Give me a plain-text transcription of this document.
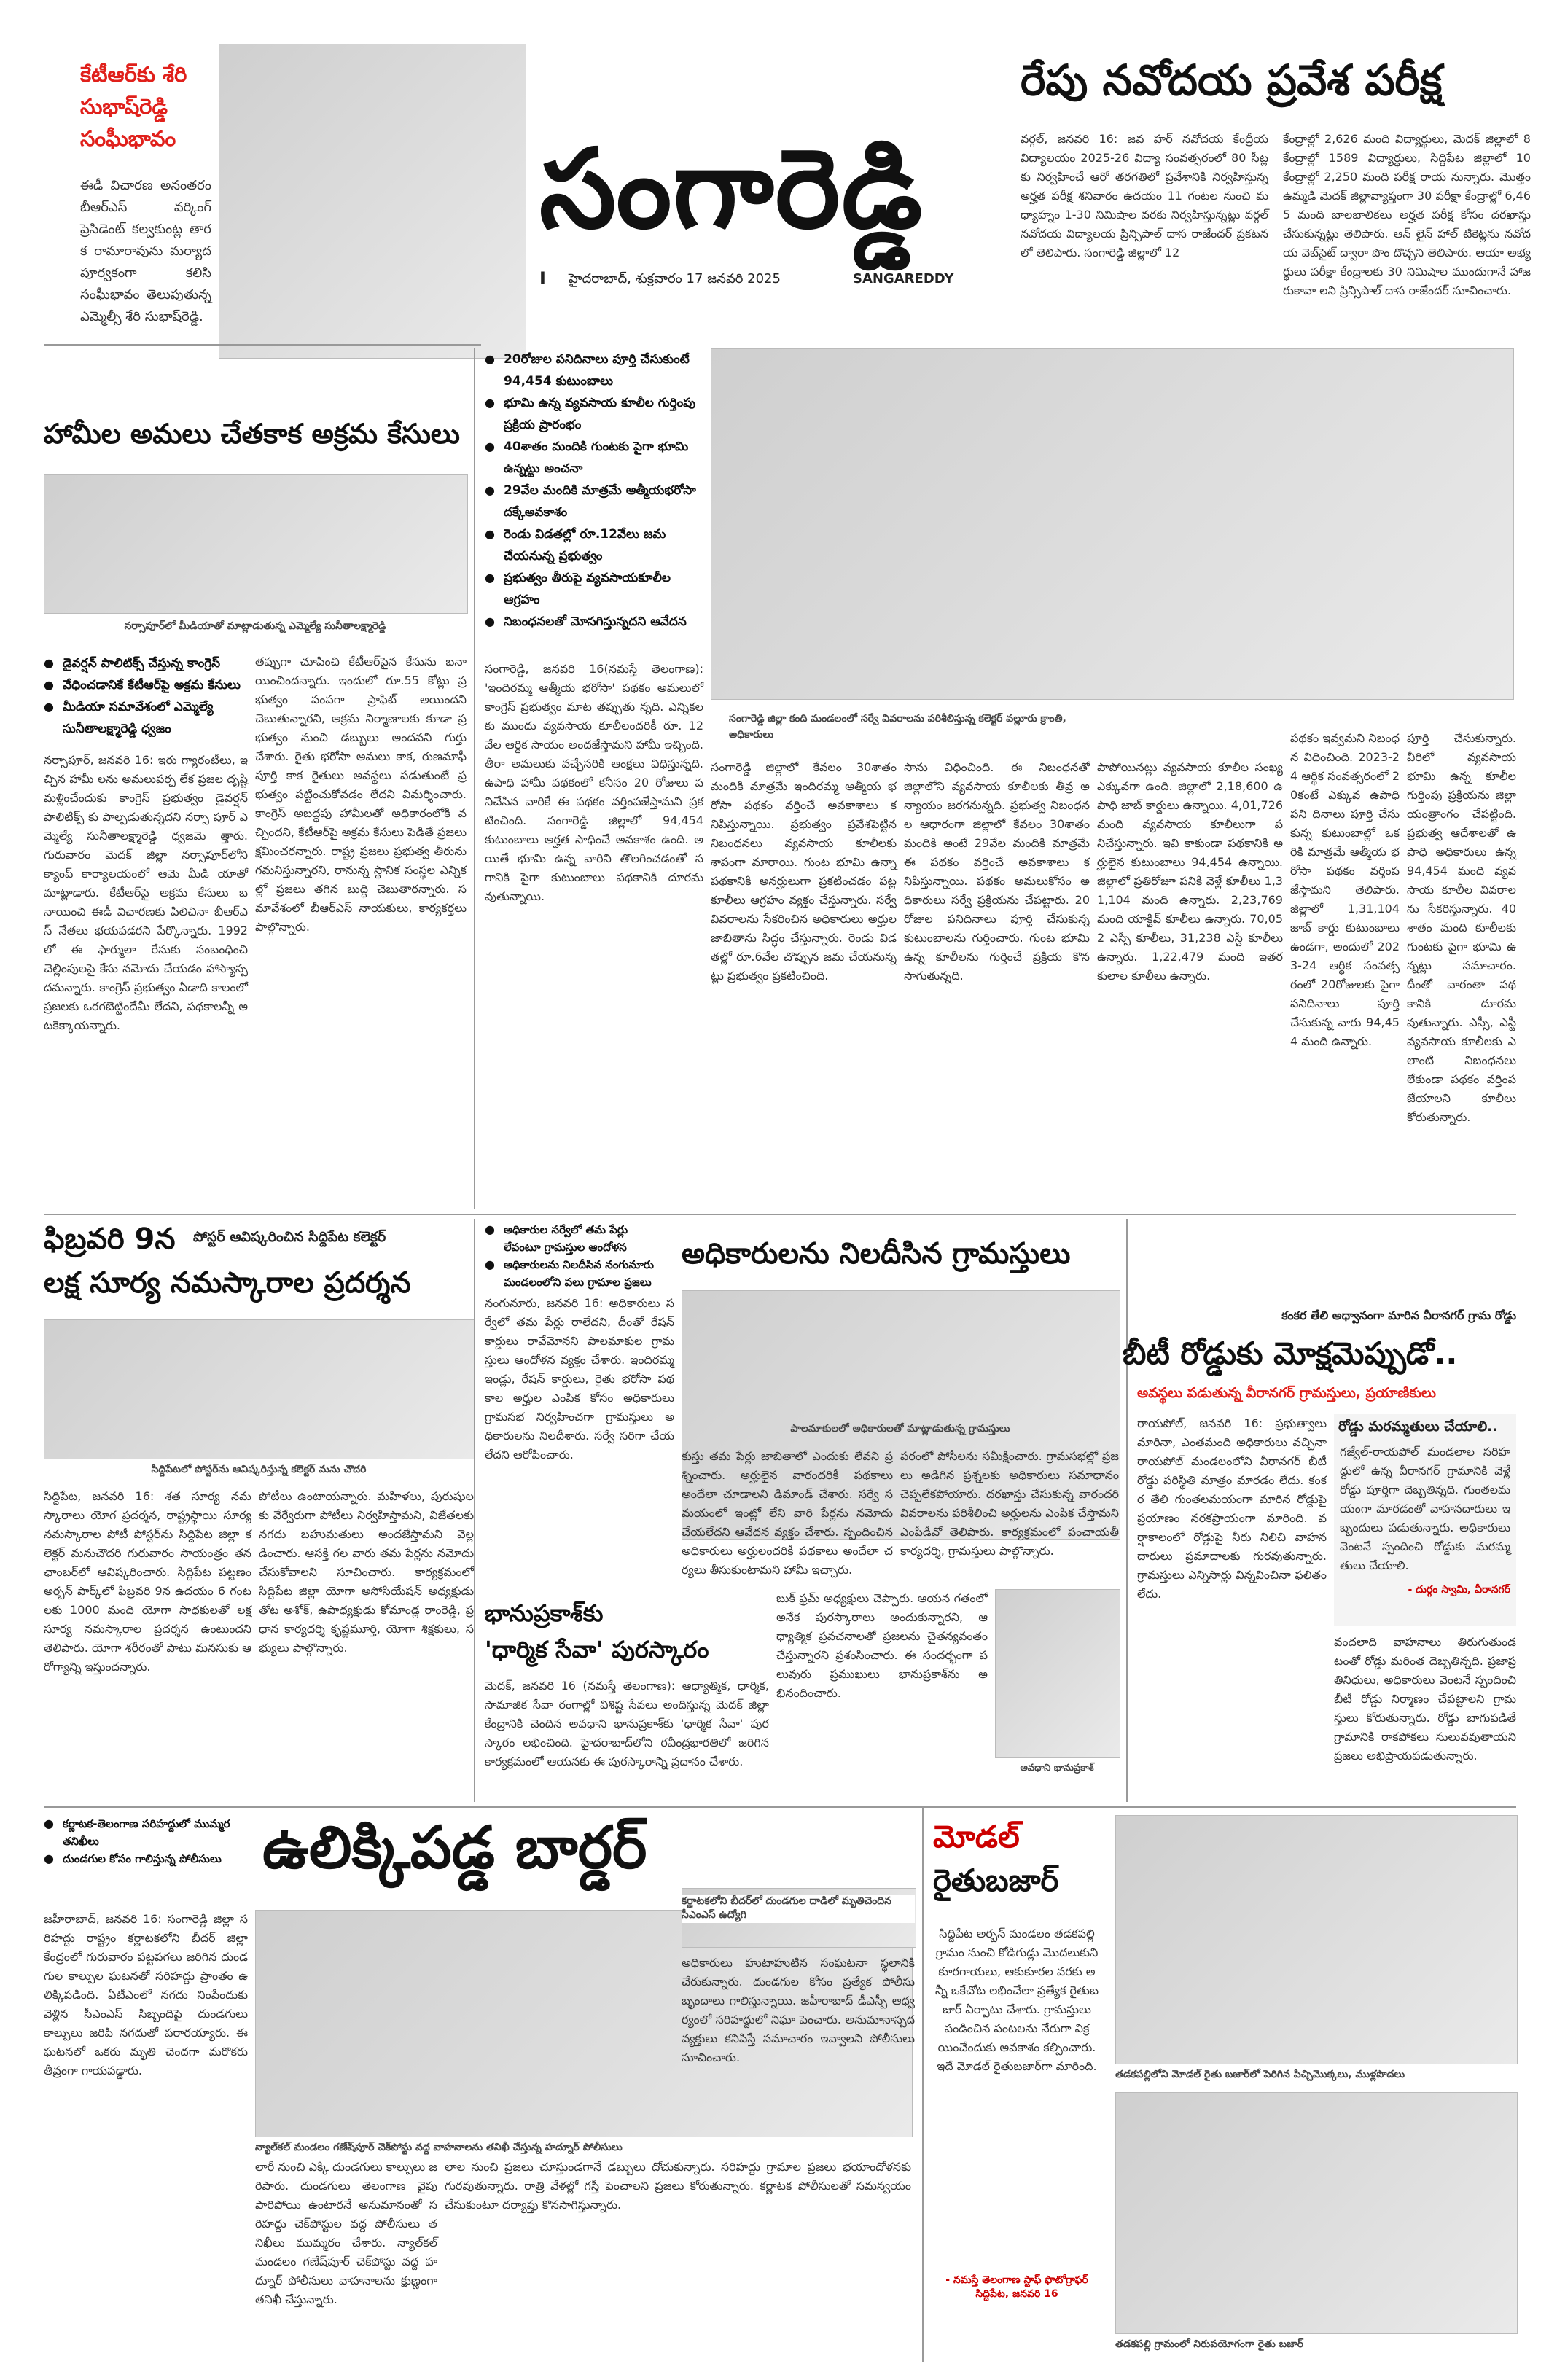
కేటీఆర్‌కు శేరి సుభాష్‌రెడ్డి సంఘీభావం
ఈడీ విచారణ అనంతరం బీఆర్‌ఎస్‌ వర్కింగ్‌ ప్రెసిడెంట్‌ కల్వకుంట్ల తారక రామారావును మర్యాదపూర్వకంగా కలిసి సంఘీభావం తెలుపుతున్న ఎమ్మెల్సీ శేరి సుభాష్‌రెడ్డి.
సంగారెడ్డి
I హైదరాబాద్‌, శుక్రవారం 17 జనవరి 2025	SANGAREDDY
రేపు నవోదయ ప్రవేశ పరీక్ష
వర్గల్‌, జనవరి 16: జవ హర్‌ నవోదయ కేంద్రీయ విద్యాలయం 2025-26 విద్యా సంవత్సరంలో 80 సీట్లకు నిర్వహించే ఆరో తరగతిలో ప్రవేశానికి నిర్వహిస్తున్న అర్హత పరీక్ష శనివారం ఉదయం 11 గంటల నుంచి మధ్యాహ్నం 1-30 నిమిషాల వరకు నిర్వహిస్తున్నట్లు వర్గల్‌ నవోదయ విద్యాలయ ప్రిన్సిపాల్‌ దాస రాజేందర్‌ ప్రకటనలో తెలిపారు. సంగారెడ్డి జిల్లాలో 12
కేంద్రాల్లో 2,626 మంది విద్యార్థులు, మెదక్‌ జిల్లాలో 8 కేంద్రాల్లో 1589 విద్యార్థులు, సిద్దిపేట జిల్లాలో 10 కేంద్రాల్లో 2,250 మంది పరీక్ష రాయ నున్నారు. మొత్తం ఉమ్మడి మెదక్‌ జిల్లావ్యాప్తంగా 30 పరీక్షా కేంద్రాల్లో 6,465 మంది బాలబాలికలు అర్హత పరీక్ష కోసం దరఖాస్తు చేసుకున్నట్లు తెలిపారు. ఆన్‌ లైన్‌ హాల్‌ టికెట్లను నవోదయ వెబ్‌సైట్‌ ద్వారా పొం దొచ్చని తెలిపారు. ఆయా అభ్యర్థులు పరీక్షా కేంద్రాలకు 30 నిమిషాల ముందుగానే హాజరుకావా లని ప్రిన్సిపాల్‌ దాస రాజేందర్‌ సూచించారు.
హామీల అమలు చేతకాక అక్రమ కేసులు
నర్సాపూర్‌లో మీడియాతో మాట్లాడుతున్న ఎమ్మెల్యే సునీతాలక్ష్మారెడ్డి
● డైవర్షన్‌ పాలిటిక్స్‌ చేస్తున్న కాంగ్రెస్‌
● వేధించడానికే కేటీఆర్‌పై అక్రమ కేసులు
● మీడియా సమావేశంలో ఎమ్మెల్యే సునీతాలక్ష్మారెడ్డి ధ్వజం
నర్సాపూర్‌, జనవరి 16: ఇరు గ్యారంటీలు, ఇచ్చిన హామీ లను అమలుపర్చ లేక ప్రజల దృష్టి మళ్లించేందుకు కాంగ్రెస్‌ ప్రభుత్వం డైవర్షన్‌ పాలిటిక్స్‌ కు పాల్పడుతున్నదని నర్సా పూర్‌ ఎమ్మెల్యే సునీతాలక్ష్మారెడ్డి ధ్వజమె త్తారు. గురువారం మెదక్‌ జిల్లా నర్సాపూర్‌లోని క్యాంప్‌ కార్యాలయంలో ఆమె మీడి యాతో మాట్లాడారు. కేటీఆర్‌పై అక్రమ కేసులు బనాయించి ఈడీ విచారణకు పిలిచినా బీఆర్‌ఎస్‌ నేతలు భయపడరని పేర్కొన్నారు. 1992లో ఈ ఫార్ములా రేసుకు సంబంధించి చెల్లింపులపై కేసు నమోదు చేయడం హాస్యాస్పదమన్నారు. కాంగ్రెస్‌ ప్రభుత్వం ఏడాది కాలంలో ప్రజలకు ఒరగబెట్టిందేమీ లేదని, పథకాలన్నీ అటకెక్కాయన్నారు.
తప్పుగా చూపించి కేటీఆర్‌పైన కేసును బనా యించిందన్నారు. ఇందులో రూ.55 కోట్లు ప్రభుత్వం పంపగా ప్రాఫిట్‌ అయిందని చెబుతున్నారని, అక్రమ నిర్మాణాలకు కూడా ప్రభుత్వం నుంచి డబ్బులు అందవని గుర్తు చేశారు. రైతు భరోసా అమలు కాక, రుణమాఫీ పూర్తి కాక రైతులు అవస్థలు పడుతుంటే ప్రభుత్వం పట్టించుకోవడం లేదని విమర్శించారు. కాంగ్రెస్‌ అబద్ధపు హామీలతో అధికారంలోకి వచ్చిందని, కేటీఆర్‌పై అక్రమ కేసులు పెడితే ప్రజలు క్షమించరన్నారు. రాష్ట్ర ప్రజలు ప్రభుత్వ తీరును గమనిస్తున్నారని, రానున్న స్థానిక సంస్థల ఎన్నికల్లో ప్రజలు తగిన బుద్ధి చెబుతారన్నారు. సమావేశంలో బీఆర్‌ఎస్‌ నాయకులు, కార్యకర్తలు పాల్గొన్నారు.
● 20రోజుల పనిదినాలు పూర్తి చేసుకుంటే 94,454 కుటుంబాలు
● భూమి ఉన్న వ్యవసాయ కూలీల గుర్తింపు ప్రక్రియ ప్రారంభం
● 40శాతం మందికి గుంటకు పైగా భూమి ఉన్నట్టు అంచనా
● 29వేల మందికి మాత్రమే ఆత్మీయభరోసా దక్కేఅవకాశం
● రెండు విడతల్లో రూ.12వేలు జమ చేయనున్న ప్రభుత్వం
● ప్రభుత్వం తీరుపై వ్యవసాయకూలీల ఆగ్రహం
● నిబంధనలతో మోసగిస్తున్నదని ఆవేదన
సంగారెడ్డి జిల్లా కంది మండలంలో సర్వే వివరాలను పరిశీలిస్తున్న కలెక్టర్‌ వల్లూరు క్రాంతి, అధికారులు
సంగారెడ్డి, జనవరి 16(నమస్తే తెలంగాణ): 'ఇందిరమ్మ ఆత్మీయ భరోసా' పథకం అమలులో కాంగ్రెస్‌ ప్రభుత్వం మాట తప్పుతు న్నది. ఎన్నికలకు ముందు వ్యవసాయ కూలీలందరికీ రూ. 12వేల ఆర్థిక సాయం అందజేస్తామని హామీ ఇచ్చింది. తీరా అమలుకు వచ్చేసరికి ఆంక్షలు విధిస్తున్నది. ఉపాధి హామీ పథకంలో కనీసం 20 రోజులు పనిచేసిన వారికే ఈ పథకం వర్తింపజేస్తామని ప్రకటించింది. సంగారెడ్డి జిల్లాలో 94,454 కుటుంబాలు అర్హత సాధించే అవకాశం ఉంది. అయితే భూమి ఉన్న వారిని తొలగించడంతో సగానికి పైగా కుటుంబాలు పథకానికి దూరమవుతున్నాయి.
సంగారెడ్డి జిల్లాలో కేవలం 30శాతం మందికి మాత్రమే ఇందిరమ్మ ఆత్మీయ భరోసా పథకం వర్తించే అవకాశాలు కనిపిస్తున్నాయి. ప్రభుత్వం ప్రవేశపెట్టిన నిబంధనలు వ్యవసాయ కూలీలకు శాపంగా మారాయి. గుంట భూమి ఉన్నా పథకానికి అనర్హులుగా ప్రకటించడం పట్ల కూలీలు ఆగ్రహం వ్యక్తం చేస్తున్నారు. సర్వే వివరాలను సేకరించిన అధికారులు అర్హుల జాబితాను సిద్ధం చేస్తున్నారు. రెండు విడతల్లో రూ.6వేల చొప్పున జమ చేయనున్నట్లు ప్రభుత్వం ప్రకటించింది.
సాను విధించింది. ఈ నిబంధనతో జిల్లాలోని వ్యవసాయ కూలీలకు తీవ్ర అన్యాయం జరగనున్నది. ప్రభుత్వ నిబంధనల ఆధారంగా జిల్లాలో కేవలం 30శాతం మందికి అంటే 29వేల మందికి మాత్రమే ఈ పథకం వర్తించే అవకాశాలు కనిపిస్తున్నాయి. పథకం అమలుకోసం అధికారులు సర్వే ప్రక్రియను చేపట్టారు. 20 రోజుల పనిదినాలు పూర్తి చేసుకున్న కుటుంబాలను గుర్తించారు. గుంట భూమి ఉన్న కూలీలను గుర్తించే ప్రక్రియ కొనసాగుతున్నది.
పాపోయినట్లు వ్యవసాయ కూలీల సంఖ్య ఎక్కువగా ఉంది. జిల్లాలో 2,18,600 ఉపాధి జాబ్‌ కార్డులు ఉన్నాయి. 4,01,726 మంది వ్యవసాయ కూలీలుగా పనిచేస్తున్నారు. ఇవి కాకుండా పథకానికి అర్హులైన కుటుంబాలు 94,454 ఉన్నాయి. జిల్లాలో ప్రతిరోజూ పనికి వెళ్లే కూలీలు 1,31,104 మంది ఉన్నారు. 2,23,769 మంది యాక్టివ్‌ కూలీలు ఉన్నారు. 70,052 ఎస్సీ కూలీలు, 31,238 ఎస్టీ కూలీలు ఉన్నారు. 1,22,479 మంది ఇతర కులాల కూలీలు ఉన్నారు.
పథకం ఇవ్వమని నిబంధన విధించింది. 2023-24 ఆర్థిక సంవత్సరంలో 20కంటే ఎక్కువ ఉపాధి పని దినాలు పూర్తి చేసు కున్న కుటుంబాల్లో ఒకరికి మాత్రమే ఆత్మీయ భరోసా పథకం వర్తింపజేస్తామని తెలిపారు. జిల్లాలో 1,31,104 జాబ్‌ కార్డు కుటుంబాలు ఉండగా, అందులో 2023-24 ఆర్థిక సంవత్సరంలో 20రోజులకు పైగా పనిదినాలు పూర్తి చేసుకున్న వారు 94,454 మంది ఉన్నారు.
పూర్తి చేసుకున్నారు. వీరిలో వ్యవసాయ భూమి ఉన్న కూలీల గుర్తింపు ప్రక్రియను జిల్లా యంత్రాంగం చేపట్టింది. ప్రభుత్వ ఆదేశాలతో ఉపాధి అధికారులు ఉన్న 94,454 మంది వ్యవసాయ కూలీల వివరాలను సేకరిస్తున్నారు. 40శాతం మంది కూలీలకు గుంటకు పైగా భూమి ఉన్నట్లు సమాచారం. దీంతో వారంతా పథకానికి దూరమవుతున్నారు. ఎస్సీ, ఎస్టీ వ్యవసాయ కూలీలకు ఎలాంటి నిబంధనలు లేకుండా పథకం వర్తింపజేయాలని కూలీలు కోరుతున్నారు.
ఫిబ్రవరి 9న	పోస్టర్‌ ఆవిష్కరించిన సిద్దిపేట కలెక్టర్‌
లక్ష సూర్య నమస్కారాల ప్రదర్శన
సిద్దిపేటలో పోస్టర్‌ను ఆవిష్కరిస్తున్న కలెక్టర్‌ మను చౌదరి
సిద్దిపేట, జనవరి 16: శత సూర్య నమస్కారాలు యోగ ప్రదర్శన, రాష్ట్రస్థాయి సూర్య నమస్కారాల పోటీ పోస్టర్‌ను సిద్దిపేట జిల్లా కలెక్టర్‌ మనుచౌదరి గురువారం సాయంత్రం తన ఛాంబర్‌లో ఆవిష్కరించారు. సిద్దిపేట పట్టణం అర్బన్‌ పార్క్‌లో ఫిబ్రవరి 9న ఉదయం 6 గంటలకు 1000 మంది యోగా సాధకులతో లక్ష సూర్య నమస్కారాల ప్రదర్శన ఉంటుందని తెలిపారు. యోగా శరీరంతో పాటు మనసుకు ఆరోగ్యాన్ని ఇస్తుందన్నారు.
పోటీలు ఉంటాయన్నారు. మహిళలు, పురుషులకు వేర్వేరుగా పోటీలు నిర్వహిస్తామని, విజేతలకు నగదు బహుమతులు అందజేస్తామని వెల్లడించారు. ఆసక్తి గల వారు తమ పేర్లను నమోదు చేసుకోవాలని సూచించారు. కార్యక్రమంలో సిద్దిపేట జిల్లా యోగా అసోసియేషన్‌ అధ్యక్షుడు తోట అశోక్‌, ఉపాధ్యక్షుడు కోమాండ్ల రాంరెడ్డి, ప్రధాన కార్యదర్శి కృష్ణమూర్తి, యోగా శిక్షకులు, సభ్యులు పాల్గొన్నారు.
● అధికారుల సర్వేలో తమ పేర్లు లేవంటూ గ్రామస్తుల ఆందోళన
● అధికారులను నిలదీసిన నంగునూరు మండలంలోని పలు గ్రామాల ప్రజలు
అధికారులను నిలదీసిన గ్రామస్తులు
పాలమాకులలో అధికారులతో మాట్లాడుతున్న గ్రామస్తులు
నంగునూరు, జనవరి 16: అధికారులు సర్వేలో తమ పేర్లు రాలేదని, దీంతో రేషన్‌ కార్డులు రావేమోనని పాలమాకుల గ్రామస్తులు ఆందోళన వ్యక్తం చేశారు. ఇందిరమ్మ ఇండ్లు, రేషన్‌ కార్డులు, రైతు భరోసా పథకాల అర్హుల ఎంపిక కోసం అధికారులు గ్రామసభ నిర్వహించగా గ్రామస్తులు అధికారులను నిలదీశారు. సర్వే సరిగా చేయలేదని ఆరోపించారు.	కుస్తు తమ పేర్లు జాబితాలో ఎందుకు లేవని ప్రశ్నించారు. అర్హులైన వారందరికీ పథకాలు అందేలా చూడాలని డిమాండ్‌ చేశారు. సర్వే సమయంలో ఇంట్లో లేని వారి పేర్లను నమోదు చేయలేదని ఆవేదన వ్యక్తం చేశారు. స్పందించిన అధికారులు అర్హులందరికీ పథకాలు అందేలా చర్యలు తీసుకుంటామని హామీ ఇచ్చారు.
పరంలో పోసీలను సమీక్షించారు. గ్రామసభల్లో ప్రజలు అడిగిన ప్రశ్నలకు అధికారులు సమాధానం చెప్పలేకపోయారు. దరఖాస్తు చేసుకున్న వారందరి వివరాలను పరిశీలించి అర్హులను ఎంపిక చేస్తామని ఎంపీడీవో తెలిపారు. కార్యక్రమంలో పంచాయతీ కార్యదర్శి, గ్రామస్తులు పాల్గొన్నారు.
భానుప్రకాశ్‌కు
'ధార్మిక సేవా' పురస్కారం
మెదక్‌, జనవరి 16 (నమస్తే తెలంగాణ): ఆధ్యాత్మిక, ధార్మిక, సామాజిక సేవా రంగాల్లో విశిష్ట సేవలు అందిస్తున్న మెదక్‌ జిల్లా కేంద్రానికి చెందిన అవధాని భానుప్రకాశ్‌కు 'ధార్మిక సేవా' పురస్కారం లభించింది. హైదరాబాద్‌లోని రవీంద్రభారతిలో జరిగిన కార్యక్రమంలో ఆయనకు ఈ పురస్కారాన్ని ప్రదానం చేశారు.
బుక్‌ ఫ్రమ్‌ అధ్యక్షులు చెప్పారు. ఆయన గతంలో అనేక పురస్కారాలు అందుకున్నారని, ఆధ్యాత్మిక ప్రవచనాలతో ప్రజలను చైతన్యవంతం చేస్తున్నారని ప్రశంసించారు. ఈ సందర్భంగా పలువురు ప్రముఖులు భానుప్రకాశ్‌ను అభినందించారు.
అవధాని భానుప్రకాశ్‌
కంకర తేలి అధ్వానంగా మారిన వీరానగర్‌ గ్రామ రోడ్డు
బీటీ రోడ్డుకు మోక్షమెప్పుడో..
అవస్థలు పడుతున్న వీరానగర్‌ గ్రామస్తులు, ప్రయాణికులు
రాయపోల్‌, జనవరి 16: ప్రభుత్వాలు మారినా, ఎంతమంది అధికారులు వచ్చినా రాయపోల్‌ మండలంలోని వీరానగర్‌ బీటీ రోడ్డు పరిస్థితి మాత్రం మారడం లేదు. కంకర తేలి గుంతలమయంగా మారిన రోడ్డుపై ప్రయాణం నరకప్రాయంగా మారింది. వర్షాకాలంలో రోడ్డుపై నీరు నిలిచి వాహనదారులు ప్రమాదాలకు గురవుతున్నారు. గ్రామస్తులు ఎన్నిసార్లు విన్నవించినా ఫలితం లేదు.
రోడ్డు మరమ్మతులు చేయాలి..
గజ్వేల్‌-రాయపోల్‌ మండలాల సరిహద్దులో ఉన్న వీరానగర్‌ గ్రామానికి వెళ్లే రోడ్డు పూర్తిగా దెబ్బతిన్నది. గుంతలమయంగా మారడంతో వాహనదారులు ఇబ్బందులు పడుతున్నారు. అధికారులు వెంటనే స్పందించి రోడ్డుకు మరమ్మతులు చేయాలి.
- దుర్గం స్వామి, వీరానగర్‌
వందలాది వాహనాలు తిరుగుతుండటంతో రోడ్డు మరింత దెబ్బతిన్నది. ప్రజాప్రతినిధులు, అధికారులు వెంటనే స్పందించి బీటీ రోడ్డు నిర్మాణం చేపట్టాలని గ్రామస్తులు కోరుతున్నారు. రోడ్డు బాగుపడితే గ్రామానికి రాకపోకలు సులువవుతాయని ప్రజలు అభిప్రాయపడుతున్నారు.
● కర్ణాటక-తెలంగాణ సరిహద్దులో ముమ్మర తనిఖీలు
● దుండగుల కోసం గాలిస్తున్న పోలీసులు ఉలిక్కిపడ్డ బార్డర్‌
జహీరాబాద్‌, జనవరి 16: సంగారెడ్డి జిల్లా సరిహద్దు రాష్ట్రం కర్ణాటకలోని బీదర్‌ జిల్లా కేంద్రంలో గురువారం పట్టపగలు జరిగిన దుండగుల కాల్పుల ఘటనతో సరిహద్దు ప్రాంతం ఉలిక్కిపడింది. ఏటీఎంలో నగదు నింపేందుకు వెళ్లిన సీఎంఎస్‌ సిబ్బందిపై దుండగులు కాల్పులు జరిపి నగదుతో పరారయ్యారు. ఈ ఘటనలో ఒకరు మృతి చెందగా మరొకరు తీవ్రంగా గాయపడ్డారు.
లారీ నుంచి ఎక్కి దుండగులు కాల్పులు జరిపారు. దుండగులు తెలంగాణ వైపు పారిపోయి ఉంటారనే అనుమానంతో సరిహద్దు చెక్‌పోస్టుల వద్ద పోలీసులు తనిఖీలు ముమ్మరం చేశారు. న్యాల్‌కల్‌ మండలం గణేష్‌పూర్‌ చెక్‌పోస్టు వద్ద హద్నూర్‌ పోలీసులు వాహనాలను క్షుణ్ణంగా తనిఖీ చేస్తున్నారు.
న్యాల్‌కల్‌ మండలం గణేష్‌పూర్‌ చెక్‌పోస్టు వద్ద వాహనాలను తనిఖీ చేస్తున్న హద్నూర్‌ పోలీసులు
కర్ణాటకలోని బీదర్‌లో దుండగుల దాడిలో మృతిచెందిన సీఎంఎస్‌ ఉద్యోగి
అధికారులు హుటాహుటిన సంఘటనా స్థలానికి చేరుకున్నారు. దుండగుల కోసం ప్రత్యేక పోలీసు బృందాలు గాలిస్తున్నాయి. జహీరాబాద్‌ డీఎస్పీ ఆధ్వర్యంలో సరిహద్దులో నిఘా పెంచారు. అనుమానాస్పద వ్యక్తులు కనిపిస్తే సమాచారం ఇవ్వాలని పోలీసులు సూచించారు.
లాల నుంచి ప్రజలు చూస్తుండగానే డబ్బులు దోచుకున్నారు. సరిహద్దు గ్రామాల ప్రజలు భయాందోళనకు గురవుతున్నారు. రాత్రి వేళల్లో గస్తీ పెంచాలని ప్రజలు కోరుతున్నారు. కర్ణాటక పోలీసులతో సమన్వయం చేసుకుంటూ దర్యాప్తు కొనసాగిస్తున్నారు.
మోడల్‌
రైతుబజార్‌
సిద్దిపేట అర్బన్‌ మండలం తడకపల్లి గ్రామం నుంచి కోడిగుడ్లు మొదలుకుని కూరగాయలు, ఆకుకూరల వరకు అన్నీ ఒకేచోట లభించేలా ప్రత్యేక రైతుబజార్‌ ఏర్పాటు చేశారు. గ్రామస్తులు పండించిన పంటలను నేరుగా విక్రయించేందుకు అవకాశం కల్పించారు. ఇదే మోడల్‌ రైతుబజార్‌గా మారింది.
- నమస్తే తెలంగాణ స్టాఫ్‌ ఫొటోగ్రాఫర్‌ సిద్దిపేట, జనవరి 16
తడకపల్లిలోని మోడల్‌ రైతు బజార్‌లో పెరిగిన పిచ్చిమొక్కలు, ముళ్లపొదలు
తడకపల్లి గ్రామంలో నిరుపయోగంగా రైతు బజార్‌
